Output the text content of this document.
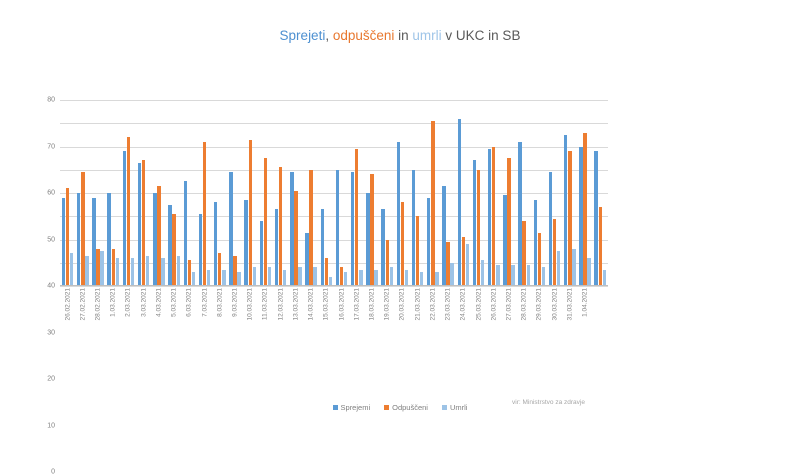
Sprejeti, odpuščeni in umrli v UKC in SB
0
10
20
30
40
50
60
70
80
26.02.2021 27.02.2021 28.02.2021 1.03.2021 2.03.2021 3.03.2021 4.03.2021 5.03.2021 6.03.2021 7.03.2021 8.03.2021 9.03.2021 10.03.2021 11.03.2021 12.03.2021 13.03.2021 14.03.2021 15.03.2021 16.03.2021 17.03.2021 18.03.2021 19.03.2021 20.03.2021 21.03.2021 22.03.2021 23.03.2021 24.03.2021 25.03.2021 26.03.2021 27.03.2021 28.03.2021 29.03.2021 30.03.2021 31.03.2021 1.04.2021
Sprejemi	Odpuščeni	Umrli
vir: Ministrstvo za zdravje
